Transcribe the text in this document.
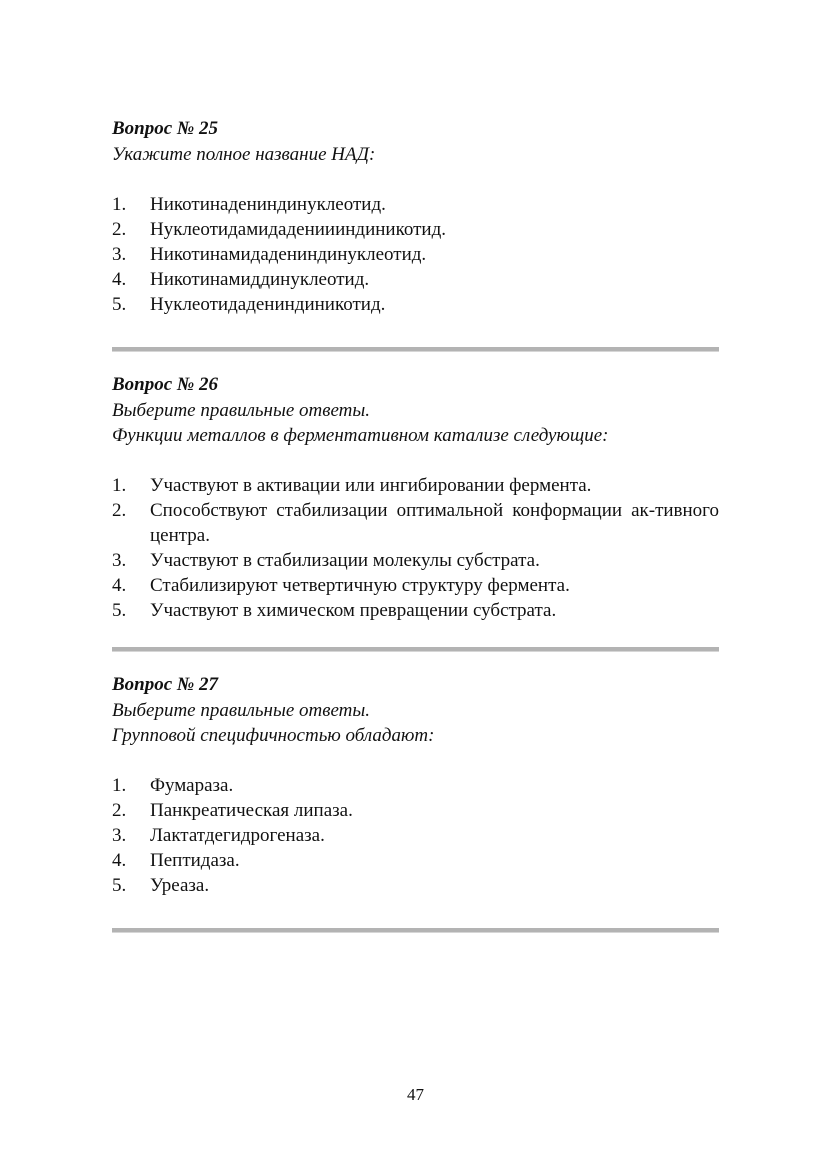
Вопрос № 25

Укажите полное название НАД:

1.	Никотинадениндинуклеотид.
2.	Нуклеотидамидадениииндиникотид.
3.	Никотинамидадениндинуклеотид.
4.	Никотинамиддинуклеотид.
5.	Нуклеотидадениндиникотид.

Вопрос № 26

Выберите правильные ответы.

Функции металлов в ферментативном катализе следующие:

1.	Участвуют в активации или ингибировании фермента.
2.	Способствуют стабилизации оптимальной конформации ак-тивного центра.
3.	Участвуют в стабилизации молекулы субстрата.
4.	Стабилизируют четвертичную структуру фермента.
5.	Участвуют в химическом превращении субстрата.

Вопрос № 27

Выберите правильные ответы.

Групповой специфичностью обладают:

1.	Фумараза.
2.	Панкреатическая липаза.
3.	Лактатдегидрогеназа.
4.	Пептидаза.
5.	Уреаза.
47
